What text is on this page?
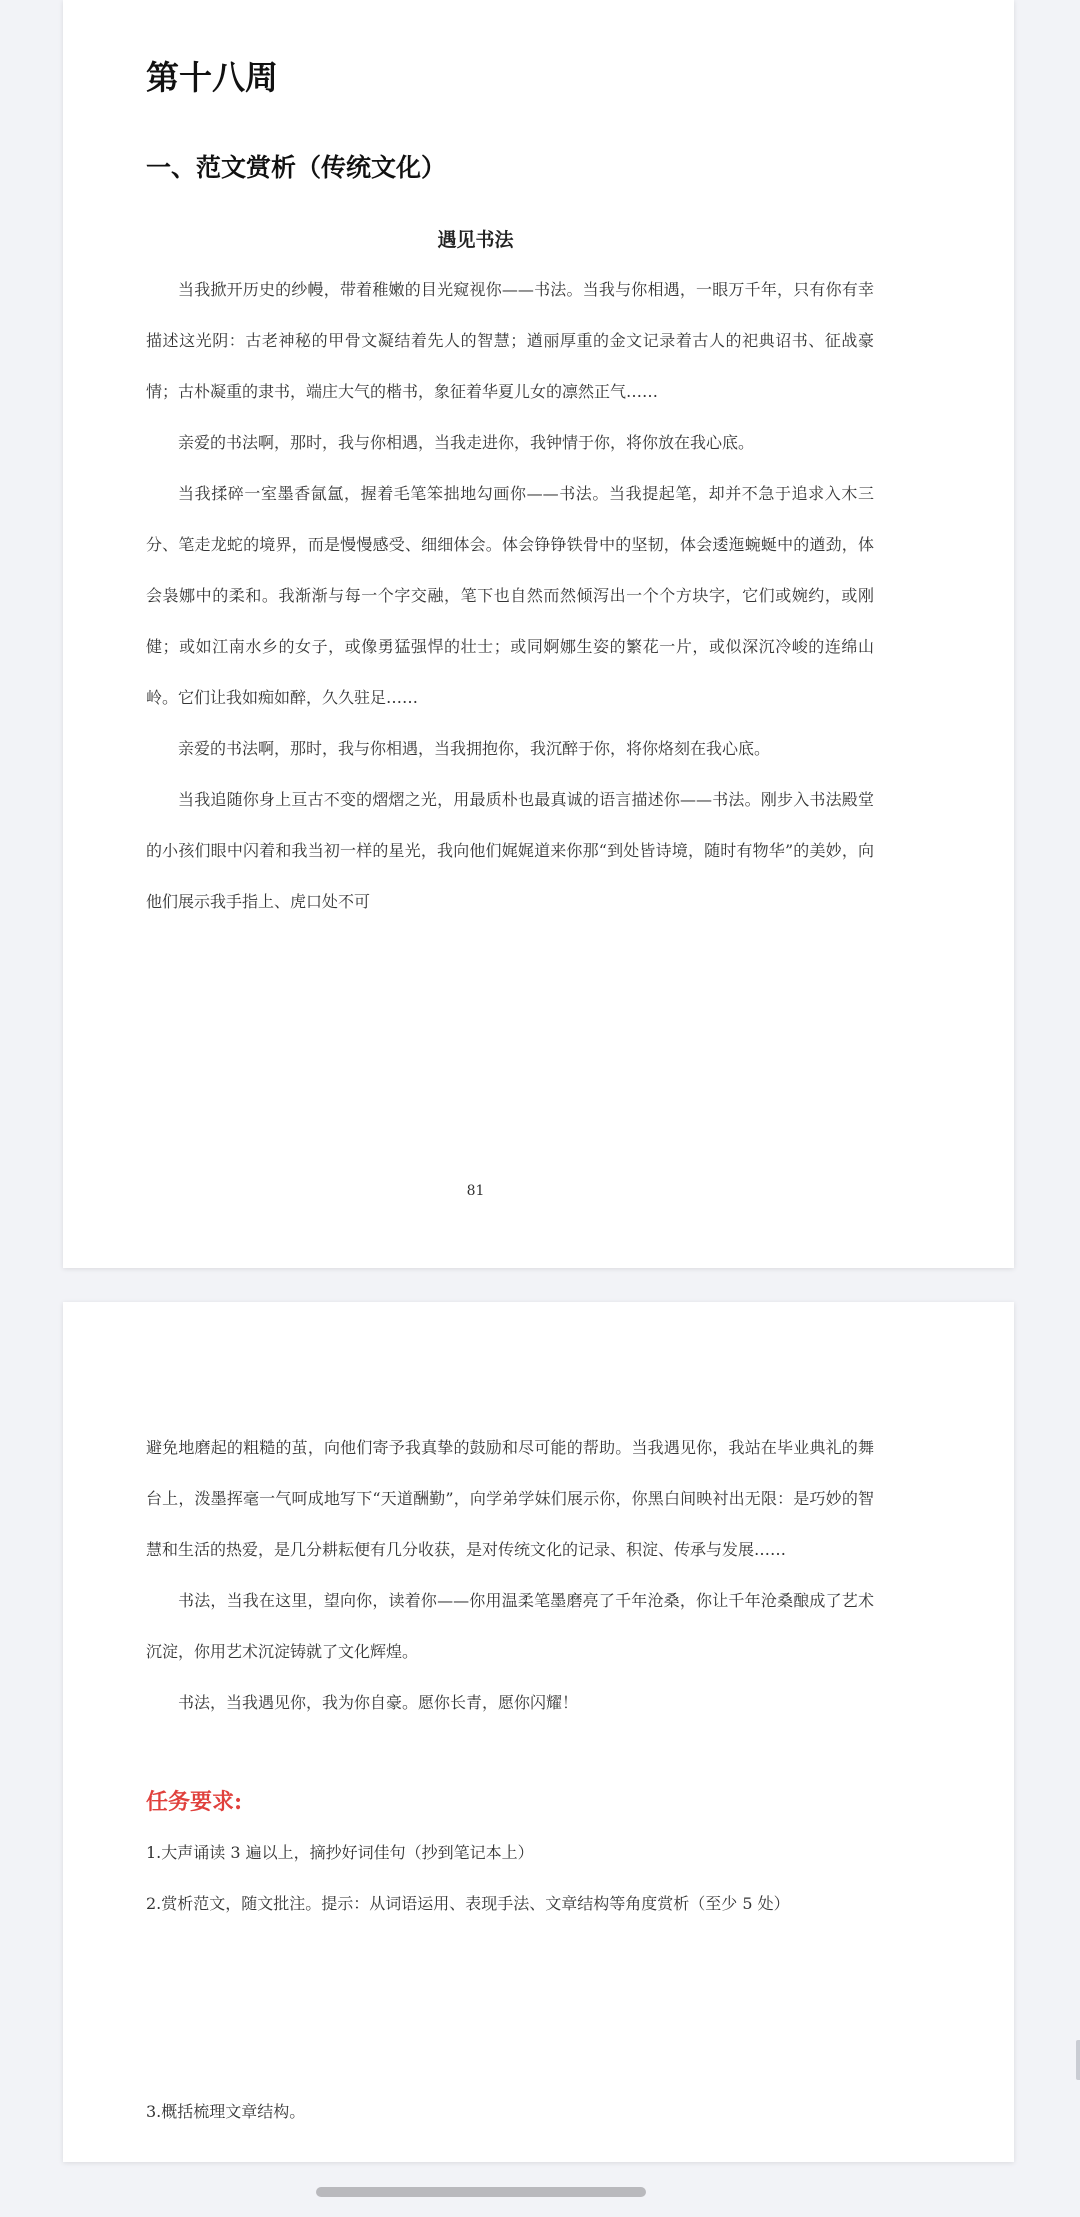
第十八周
一、范文赏析（传统文化）
遇见书法

当我掀开历史的纱幔，带着稚嫩的目光窥视你——书法。当我与你相遇，一眼万千年，只有你有幸描述这光阴：古老神秘的甲骨文凝结着先人的智慧；遒丽厚重的金文记录着古人的祀典诏书、征战豪情；古朴凝重的隶书，端庄大气的楷书，象征着华夏儿女的凛然正气……

亲爱的书法啊，那时，我与你相遇，当我走进你，我钟情于你，将你放在我心底。

当我揉碎一室墨香氤氲，握着毛笔笨拙地勾画你——书法。当我提起笔，却并不急于追求入木三分、笔走龙蛇的境界，而是慢慢感受、细细体会。体会铮铮铁骨中的坚韧，体会逶迤蜿蜒中的遒劲，体会袅娜中的柔和。我渐渐与每一个字交融，笔下也自然而然倾泻出一个个方块字，它们或婉约，或刚健；或如江南水乡的女子，或像勇猛强悍的壮士；或同婀娜生姿的繁花一片，或似深沉冷峻的连绵山岭。它们让我如痴如醉，久久驻足……

亲爱的书法啊，那时，我与你相遇，当我拥抱你，我沉醉于你，将你烙刻在我心底。

当我追随你身上亘古不变的熠熠之光，用最质朴也最真诚的语言描述你——书法。刚步入书法殿堂的小孩们眼中闪着和我当初一样的星光，我向他们娓娓道来你那“到处皆诗境，随时有物华”的美妙，向他们展示我手指上、虎口处不可

81

避免地磨起的粗糙的茧，向他们寄予我真挚的鼓励和尽可能的帮助。当我遇见你，我站在毕业典礼的舞台上，泼墨挥毫一气呵成地写下“天道酬勤”，向学弟学妹们展示你，你黑白间映衬出无限：是巧妙的智慧和生活的热爱，是几分耕耘便有几分收获，是对传统文化的记录、积淀、传承与发展……

书法，当我在这里，望向你，读着你——你用温柔笔墨磨亮了千年沧桑，你让千年沧桑酿成了艺术沉淀，你用艺术沉淀铸就了文化辉煌。

书法，当我遇见你，我为你自豪。愿你长青，愿你闪耀！

任务要求:

1.大声诵读 3 遍以上，摘抄好词佳句（抄到笔记本上）

2.赏析范文，随文批注。提示：从词语运用、表现手法、文章结构等角度赏析（至少 5 处）

3.概括梳理文章结构。
